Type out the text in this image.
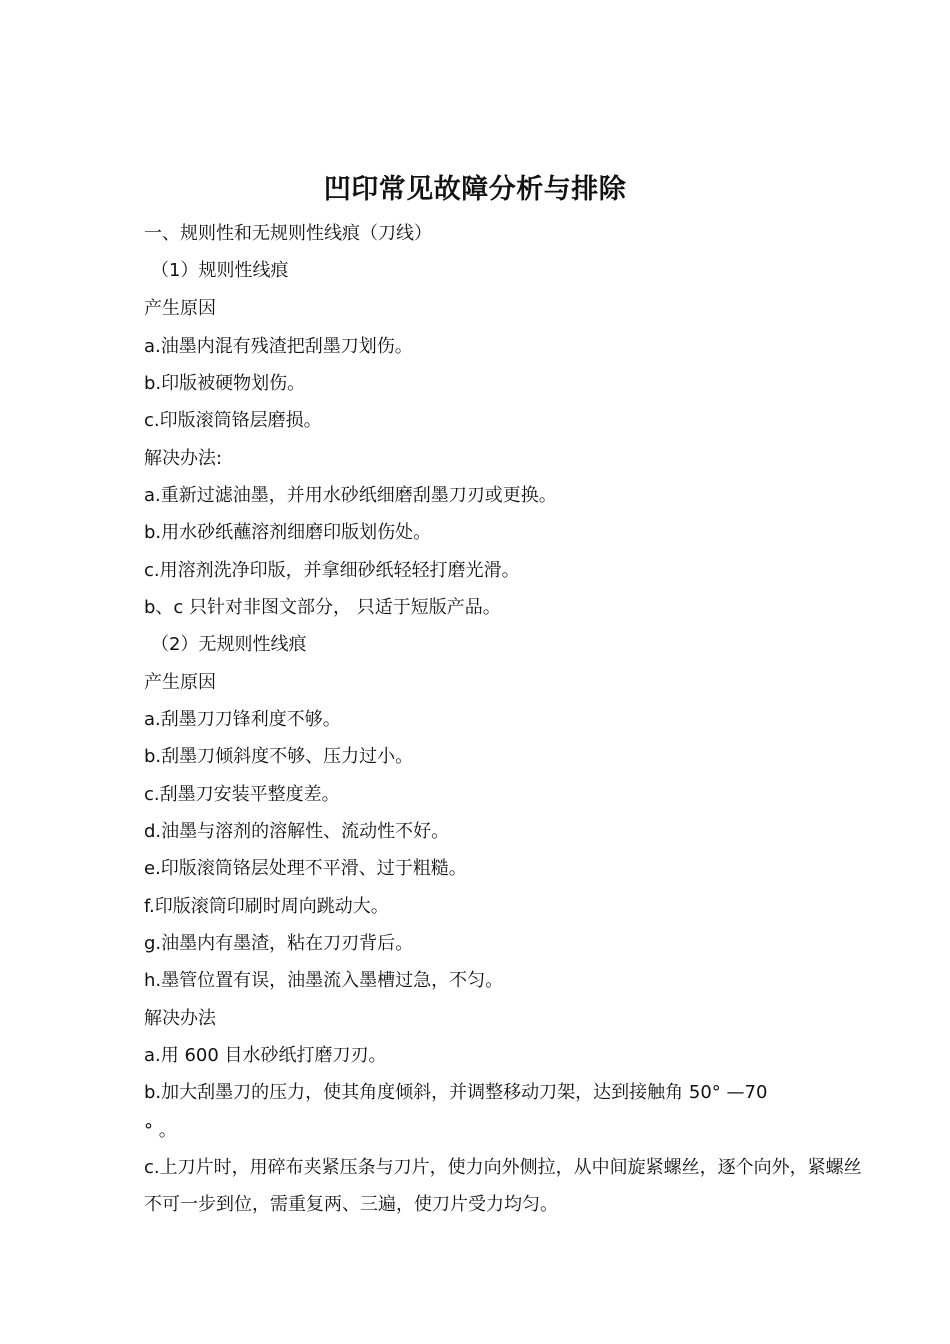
凹印常见故障分析与排除

一、规则性和无规则性线痕（刀线）

（1）规则性线痕

产生原因

a.油墨内混有残渣把刮墨刀划伤。

b.印版被硬物划伤。

c.印版滚筒铬层磨损。

解决办法:

a.重新过滤油墨，并用水砂纸细磨刮墨刀刃或更换。

b.用水砂纸蘸溶剂细磨印版划伤处。

c.用溶剂洗净印版，并拿细砂纸轻轻打磨光滑。

b、c 只针对非图文部分， 只适于短版产品。

（2）无规则性线痕

产生原因

a.刮墨刀刀锋利度不够。

b.刮墨刀倾斜度不够、压力过小。

c.刮墨刀安装平整度差。

d.油墨与溶剂的溶解性、流动性不好。

e.印版滚筒铬层处理不平滑、过于粗糙。

f.印版滚筒印刷时周向跳动大。

g.油墨内有墨渣，粘在刀刃背后。

h.墨管位置有误，油墨流入墨槽过急，不匀。

解决办法

a.用 600 目水砂纸打磨刀刃。

b.加大刮墨刀的压力，使其角度倾斜，并调整移动刀架，达到接触角 50° —70

° 。

c.上刀片时，用碎布夹紧压条与刀片，使力向外侧拉，从中间旋紧螺丝，逐个向外，紧螺丝

不可一步到位，需重复两、三遍，使刀片受力均匀。
